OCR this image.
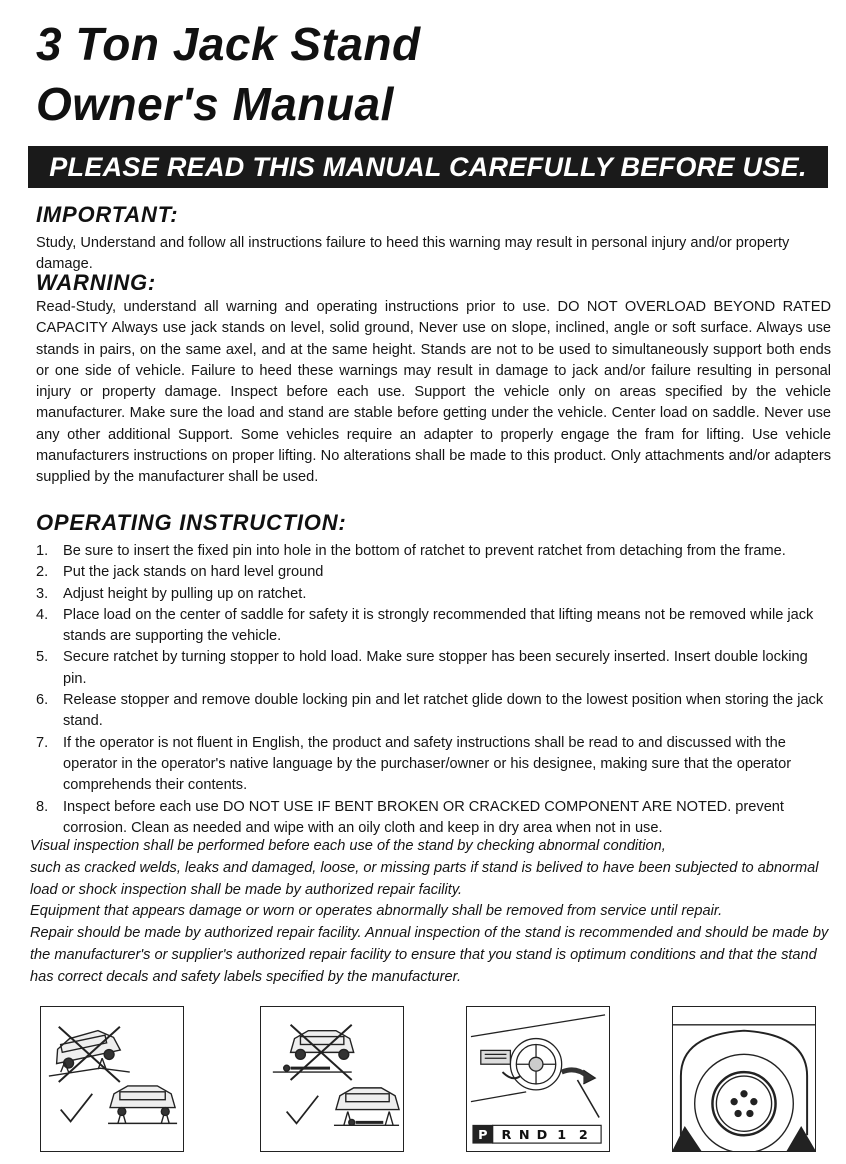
3 Ton Jack Stand
Owner's Manual
PLEASE READ THIS MANUAL CAREFULLY BEFORE USE.
IMPORTANT:
Study, Understand and follow all instructions failure to heed this warning may result in personal injury and/or property damage.
WARNING:
Read-Study, understand all warning and operating instructions prior to use. DO NOT OVERLOAD BEYOND RATED CAPACITY Always use jack stands on level, solid ground, Never use on slope, inclined, angle or soft surface. Always use stands in pairs, on the same axel, and at the same height. Stands are not to be used to simultaneously support both ends or one side of vehicle. Failure to heed these warnings may result in damage to jack and/or failure resulting in personal injury or property damage. Inspect before each use. Support the vehicle only on areas specified by the vehicle manufacturer. Make sure the load and stand are stable before getting under the vehicle. Center load on saddle. Never use any other additional Support. Some vehicles require an adapter to properly engage the fram for lifting. Use vehicle manufacturers instructions on proper lifting. No alterations shall be made to this product. Only attachments and/or adapters supplied by the manufacturer shall be used.
OPERATING INSTRUCTION:
1. Be sure to insert the fixed pin into hole in the bottom of ratchet to prevent ratchet from detaching from the frame.
2. Put the jack stands on hard level ground
3. Adjust height by pulling up on ratchet.
4. Place load on the center of saddle for safety it is strongly recommended that lifting means not be removed while jack stands are supporting the vehicle.
5. Secure ratchet by turning stopper to hold load. Make sure stopper has been securely inserted. Insert double locking pin.
6. Release stopper and remove double locking pin and let ratchet glide down to the lowest position when storing the jack stand.
7. If the operator is not fluent in English, the product and safety instructions shall be read to and discussed with the operator in the operator's native language by the purchaser/owner or his designee, making sure that the operator comprehends their contents.
8. Inspect before each use DO NOT USE IF BENT BROKEN OR CRACKED COMPONENT ARE NOTED. prevent corrosion. Clean as needed and wipe with an oily cloth and keep in dry area when not in use.
Visual inspection shall be performed before each use of the stand by checking abnormal condition,
such as cracked welds, leaks and damaged, loose, or missing parts if stand is belived to have been subjected to abnormal
load or shock inspection shall be made by authorized repair facility.
Equipment that appears damage or worn or operates abnormally shall be removed from service until repair.
Repair should be made by authorized repair facility. Annual inspection of the stand is recommended and should be made by
the manufacturer's or supplier's authorized repair facility to ensure that you stand is optimum conditions and that the stand
has correct decals and safety labels specified by the manufacturer.
P R N D 1 2
